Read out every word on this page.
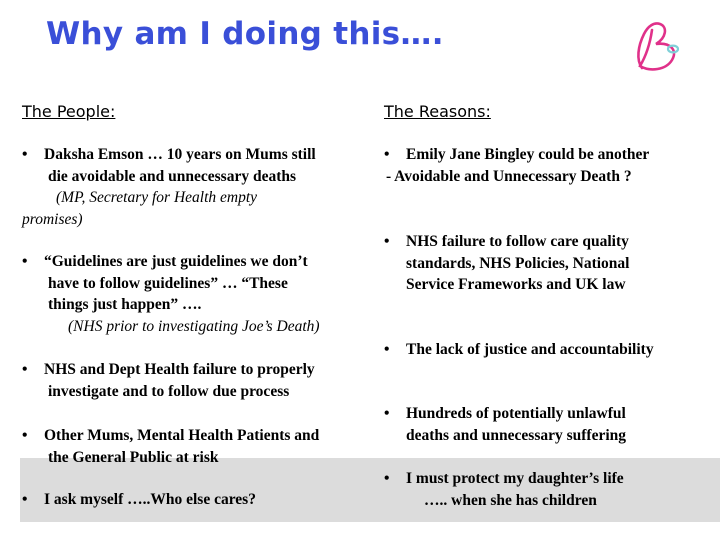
Why am I doing this….
The People:	The Reasons:
• Daksha Emson … 10 years on Mums still
die avoidable and unnecessary deaths
(MP, Secretary for Health empty
promises)
• “Guidelines are just guidelines we don’t
have to follow guidelines” … “These
things just happen” ….
(NHS prior to investigating Joe’s Death)
• NHS and Dept Health failure to properly
investigate and to follow due process
• Other Mums, Mental Health Patients and
the General Public at risk
• I ask myself …..Who else cares?
• Emily Jane Bingley could be another
- Avoidable and Unnecessary Death ?
• NHS failure to follow care quality
standards, NHS Policies, National
Service Frameworks and UK law
• The lack of justice and accountability
• Hundreds of potentially unlawful
deaths and unnecessary suffering
• I must protect my daughter’s life
….. when she has children
